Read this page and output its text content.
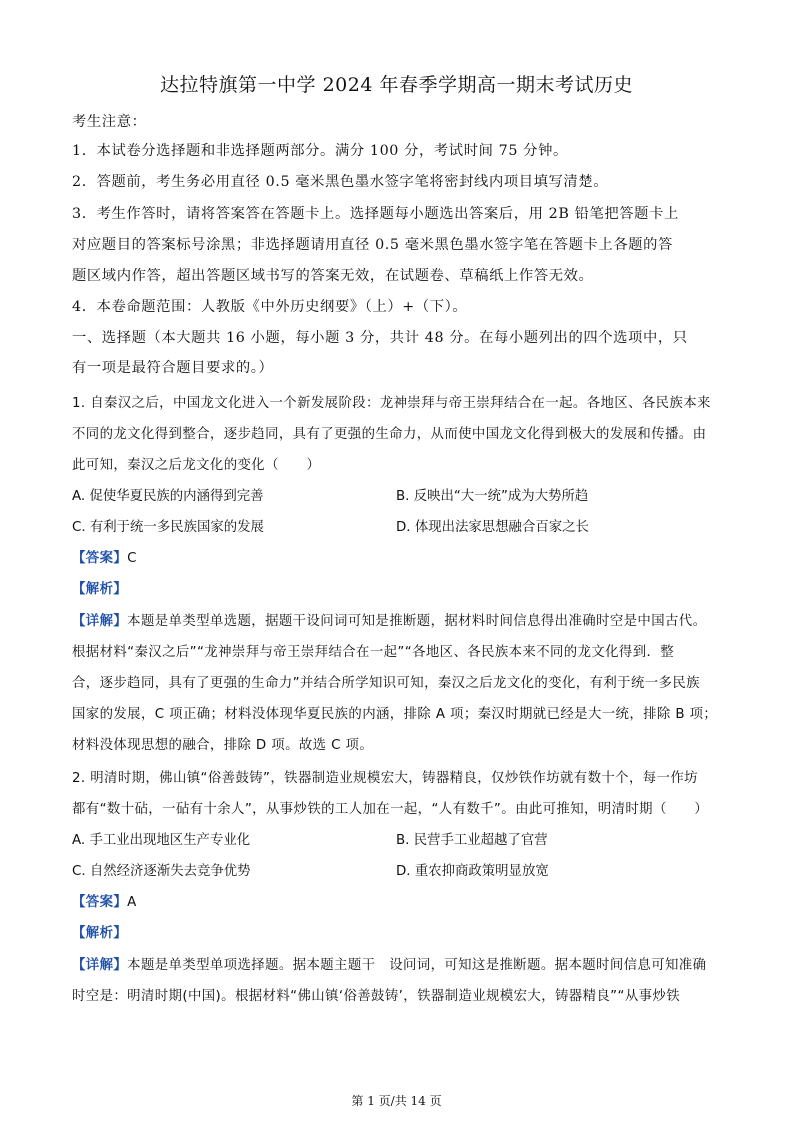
达拉特旗第一中学 2024 年春季学期高一期末考试历史
考生注意：
1．本试卷分选择题和非选择题两部分。满分 100 分，考试时间 75 分钟。
2．答题前，考生务必用直径 0.5 毫米黑色墨水签字笔将密封线内项目填写清楚。
3．考生作答时，请将答案答在答题卡上。选择题每小题选出答案后，用 2B 铅笔把答题卡上
对应题目的答案标号涂黑；非选择题请用直径 0.5 毫米黑色墨水签字笔在答题卡上各题的答
题区域内作答，超出答题区域书写的答案无效，在试题卷、草稿纸上作答无效。
4．本卷命题范围：人教版《中外历史纲要》（上）+（下）。
一、选择题（本大题共 16 小题，每小题 3 分，共计 48 分。在每小题列出的四个选项中，只
有一项是最符合题目要求的。）
1. 自秦汉之后，中国龙文化进入一个新发展阶段：龙神崇拜与帝王崇拜结合在一起。各地区、各民族本来
不同的龙文化得到整合，逐步趋同，具有了更强的生命力，从而使中国龙文化得到极大的发展和传播。由
此可知，秦汉之后龙文化的变化（　　）
A. 促使华夏民族的内涵得到完善	B. 反映出“大一统”成为大势所趋
C. 有利于统一多民族国家的发展	D. 体现出法家思想融合百家之长
【答案】C
【解析】
【详解】本题是单类型单选题，据题干设问词可知是推断题，据材料时间信息得出准确时空是中国古代。
根据材料“秦汉之后”“龙神崇拜与帝王崇拜结合在一起”“各地区、各民族本来不同的龙文化得到．整
合，逐步趋同，具有了更强的生命力”并结合所学知识可知，秦汉之后龙文化的变化，有利于统一多民族
国家的发展，C 项正确；材料没体现华夏民族的内涵，排除 A 项；秦汉时期就已经是大一统，排除 B 项；
材料没体现思想的融合，排除 D 项。故选 C 项。
2. 明清时期，佛山镇“俗善鼓铸”，铁器制造业规模宏大，铸器精良，仅炒铁作坊就有数十个，每一作坊
都有“数十砧，一砧有十余人”，从事炒铁的工人加在一起，“人有数千”。由此可推知，明清时期（　　）
A. 手工业出现地区生产专业化	B. 民营手工业超越了官营
C. 自然经济逐渐失去竞争优势	D. 重农抑商政策明显放宽
【答案】A
【解析】
【详解】本题是单类型单项选择题。据本题主题干　设问词，可知这是推断题。据本题时间信息可知准确
时空是：明清时期(中国)。根据材料“佛山镇‘俗善鼓铸’，铁器制造业规模宏大，铸器精良”“从事炒铁
第 1 页/共 14 页
